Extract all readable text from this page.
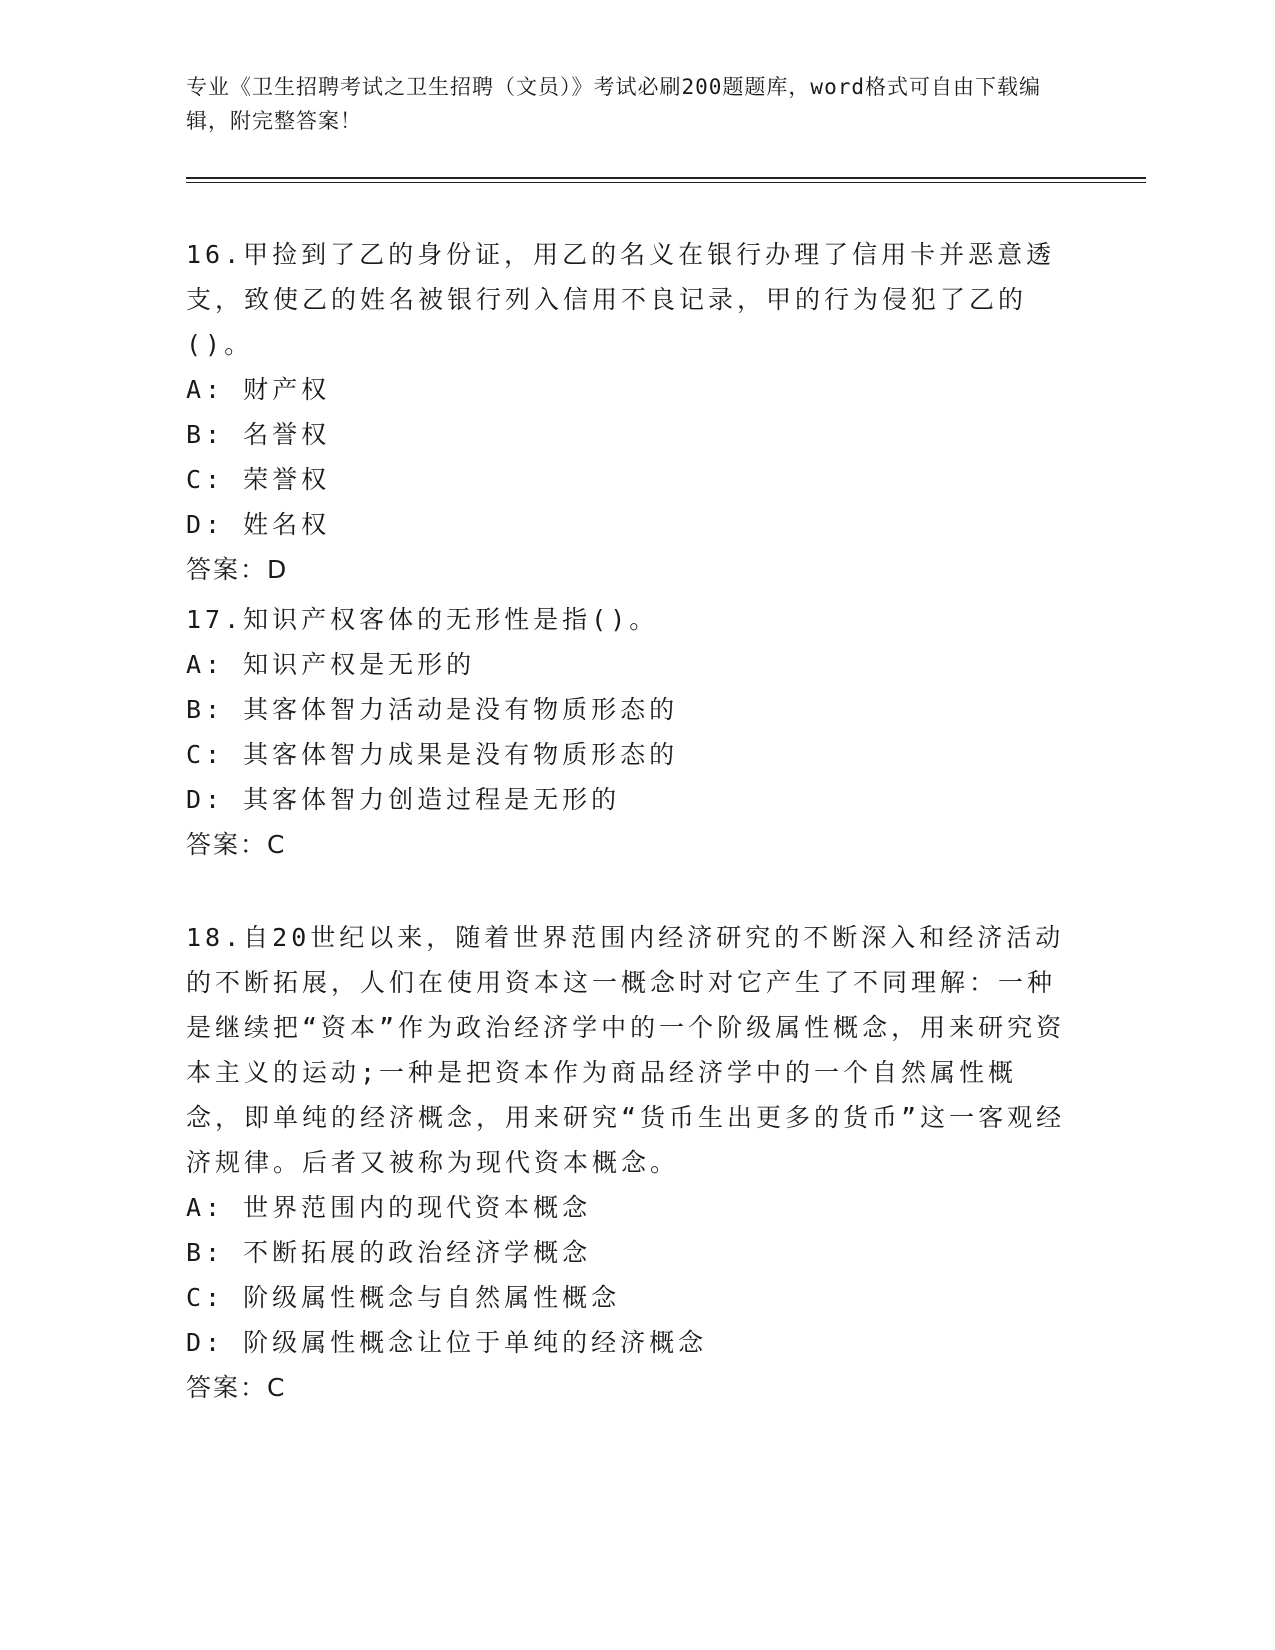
专业《卫生招聘考试之卫生招聘（文员）》考试必刷200题题库，word格式可自由下载编辑，附完整答案！
16.甲捡到了乙的身份证，用乙的名义在银行办理了信用卡并恶意透支，致使乙的姓名被银行列入信用不良记录，甲的行为侵犯了乙的()。
A: 财产权
B: 名誉权
C: 荣誉权
D: 姓名权
答案：D
17.知识产权客体的无形性是指()。
A: 知识产权是无形的
B: 其客体智力活动是没有物质形态的
C: 其客体智力成果是没有物质形态的
D: 其客体智力创造过程是无形的
答案：C
18.自20世纪以来，随着世界范围内经济研究的不断深入和经济活动的不断拓展，人们在使用资本这一概念时对它产生了不同理解：一种是继续把“资本”作为政治经济学中的一个阶级属性概念，用来研究资本主义的运动;一种是把资本作为商品经济学中的一个自然属性概念，即单纯的经济概念，用来研究“货币生出更多的货币”这一客观经济规律。后者又被称为现代资本概念。
A: 世界范围内的现代资本概念
B: 不断拓展的政治经济学概念
C: 阶级属性概念与自然属性概念
D: 阶级属性概念让位于单纯的经济概念
答案：C
